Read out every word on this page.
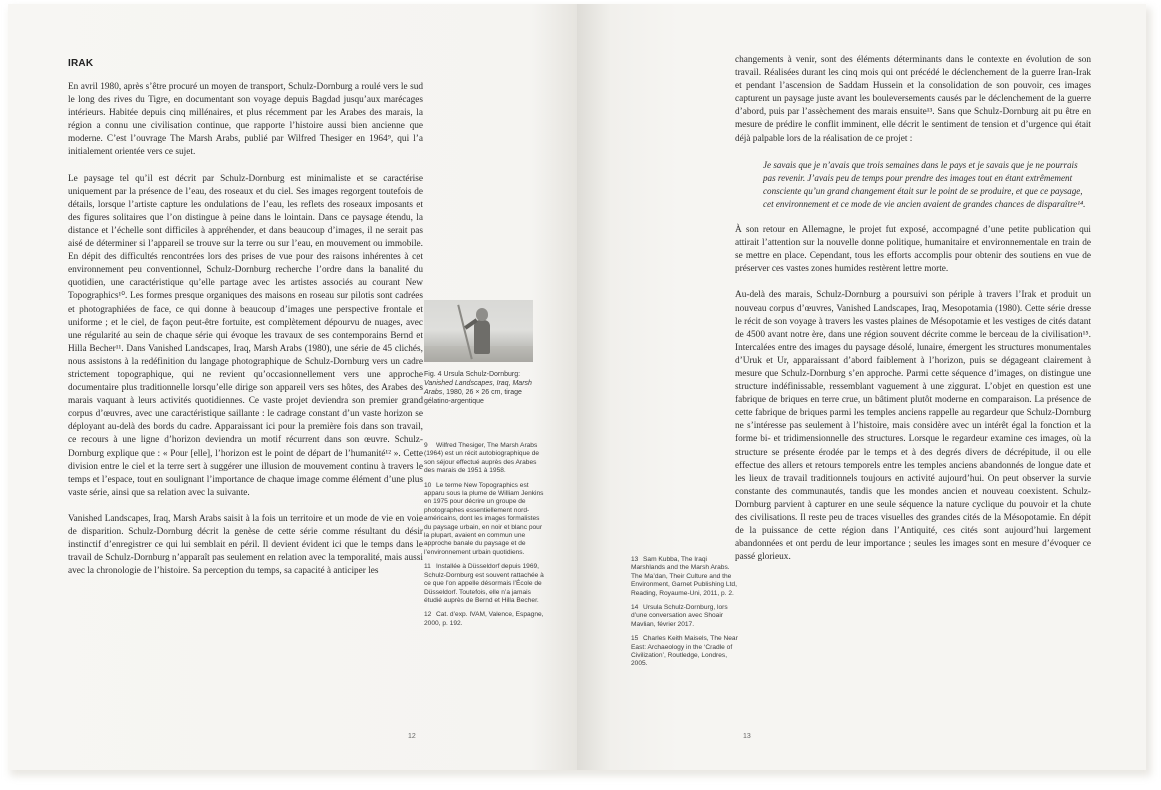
IRAK

En avril 1980, après s’être procuré un moyen de transport, Schulz-Dornburg a roulé vers le sud le long des rives du Tigre, en documentant son voyage depuis Bagdad jusqu’aux marécages intérieurs. Habitée depuis cinq millénaires, et plus récemment par les Arabes des marais, la région a connu une civilisation continue, que rapporte l’histoire aussi bien ancienne que moderne. C’est l’ouvrage The Marsh Arabs, publié par Wilfred Thesiger en 1964⁹, qui l’a initialement orientée vers ce sujet.

Le paysage tel qu’il est décrit par Schulz-Dornburg est minimaliste et se caractérise uniquement par la présence de l’eau, des roseaux et du ciel. Ses images regorgent toutefois de détails, lorsque l’artiste capture les ondulations de l’eau, les reflets des roseaux imposants et des figures solitaires que l’on distingue à peine dans le lointain. Dans ce paysage étendu, la distance et l’échelle sont difficiles à appréhender, et dans beaucoup d’images, il ne serait pas aisé de déterminer si l’appareil se trouve sur la terre ou sur l’eau, en mouvement ou immobile. En dépit des difficultés rencontrées lors des prises de vue pour des raisons inhérentes à cet environnement peu conventionnel, Schulz-Dornburg recherche l’ordre dans la banalité du quotidien, une caractéristique qu’elle partage avec les artistes associés au courant New Topographics¹⁰. Les formes presque organiques des maisons en roseau sur pilotis sont cadrées et photographiées de face, ce qui donne à beaucoup d’images une perspective frontale et uniforme ; et le ciel, de façon peut-être fortuite, est complètement dépourvu de nuages, avec une régularité au sein de chaque série qui évoque les travaux de ses contemporains Bernd et Hilla Becher¹¹. Dans Vanished Landscapes, Iraq, Marsh Arabs (1980), une série de 45 clichés, nous assistons à la redéfinition du langage photographique de Schulz-Dornburg vers un cadre strictement topographique, qui ne revient qu’occasionnellement vers une approche documentaire plus traditionnelle lorsqu’elle dirige son appareil vers ses hôtes, des Arabes des marais vaquant à leurs activités quotidiennes. Ce vaste projet deviendra son premier grand corpus d’œuvres, avec une caractéristique saillante : le cadrage constant d’un vaste horizon se déployant au-delà des bords du cadre. Apparaissant ici pour la première fois dans son travail, ce recours à une ligne d’horizon deviendra un motif récurrent dans son œuvre. Schulz-Dornburg explique que : « Pour [elle], l’horizon est le point de départ de l’humanité¹² ». Cette division entre le ciel et la terre sert à suggérer une illusion de mouvement continu à travers le temps et l’espace, tout en soulignant l’importance de chaque image comme élément d’une plus vaste série, ainsi que sa relation avec la suivante.

Vanished Landscapes, Iraq, Marsh Arabs saisit à la fois un territoire et un mode de vie en voie de disparition. Schulz-Dornburg décrit la genèse de cette série comme résultant du désir instinctif d’enregistrer ce qui lui semblait en péril. Il devient évident ici que le temps dans le travail de Schulz-Dornburg n’apparaît pas seulement en relation avec la temporalité, mais aussi avec la chronologie de l’histoire. Sa perception du temps, sa capacité à anticiper les

Fig. 4 Ursula Schulz-Dornburg:
Vanished Landscapes, Iraq, Marsh Arabs, 1980, 26 × 26 cm, tirage gélatino-argentique
9 Wilfred Thesiger, The Marsh Arabs (1964) est un récit autobiographique de son séjour effectué auprès des Arabes des marais de 1951 à 1958.
10 Le terme New Topographics est apparu sous la plume de William Jenkins en 1975 pour décrire un groupe de photographes essentiellement nord-américains, dont les images formalistes du paysage urbain, en noir et blanc pour la plupart, avaient en commun une approche banale du paysage et de l’environnement urbain quotidiens.
11 Installée à Düsseldorf depuis 1969, Schulz-Dornburg est souvent rattachée à ce que l’on appelle désormais l’École de Düsseldorf. Toutefois, elle n’a jamais étudié auprès de Bernd et Hilla Becher.
12 Cat. d’exp. IVAM, Valence, Espagne, 2000, p. 192.
12

changements à venir, sont des éléments déterminants dans le contexte en évolution de son travail. Réalisées durant les cinq mois qui ont précédé le déclenchement de la guerre Iran-Irak et pendant l’ascension de Saddam Hussein et la consolidation de son pouvoir, ces images capturent un paysage juste avant les bouleversements causés par le déclenchement de la guerre d’abord, puis par l’assèchement des marais ensuite¹³. Sans que Schulz-Dornburg ait pu être en mesure de prédire le conflit imminent, elle décrit le sentiment de tension et d’urgence qui était déjà palpable lors de la réalisation de ce projet :

Je savais que je n’avais que trois semaines dans le pays et je savais que je ne pourrais pas revenir. J’avais peu de temps pour prendre des images tout en étant extrêmement consciente qu’un grand changement était sur le point de se produire, et que ce paysage, cet environnement et ce mode de vie ancien avaient de grandes chances de disparaître¹⁴.

À son retour en Allemagne, le projet fut exposé, accompagné d’une petite publication qui attirait l’attention sur la nouvelle donne politique, humanitaire et environnementale en train de se mettre en place. Cependant, tous les efforts accomplis pour obtenir des soutiens en vue de préserver ces vastes zones humides restèrent lettre morte.

Au-delà des marais, Schulz-Dornburg a poursuivi son périple à travers l’Irak et produit un nouveau corpus d’œuvres, Vanished Landscapes, Iraq, Mesopotamia (1980). Cette série dresse le récit de son voyage à travers les vastes plaines de Mésopotamie et les vestiges de cités datant de 4500 avant notre ère, dans une région souvent décrite comme le berceau de la civilisation¹⁵. Intercalées entre des images du paysage désolé, lunaire, émergent les structures monumentales d’Uruk et Ur, apparaissant d’abord faiblement à l’horizon, puis se dégageant clairement à mesure que Schulz-Dornburg s’en approche. Parmi cette séquence d’images, on distingue une structure indéfinissable, ressemblant vaguement à une ziggurat. L’objet en question est une fabrique de briques en terre crue, un bâtiment plutôt moderne en comparaison. La présence de cette fabrique de briques parmi les temples anciens rappelle au regardeur que Schulz-Dornburg ne s’intéresse pas seulement à l’histoire, mais considère avec un intérêt égal la fonction et la forme bi- et tridimensionnelle des structures. Lorsque le regardeur examine ces images, où la structure se présente érodée par le temps et à des degrés divers de décrépitude, il ou elle effectue des allers et retours temporels entre les temples anciens abandonnés de longue date et les lieux de travail traditionnels toujours en activité aujourd’hui. On peut observer la survie constante des communautés, tandis que les mondes ancien et nouveau coexistent. Schulz-Dornburg parvient à capturer en une seule séquence la nature cyclique du pouvoir et la chute des civilisations. Il reste peu de traces visuelles des grandes cités de la Mésopotamie. En dépit de la puissance de cette région dans l’Antiquité, ces cités sont aujourd’hui largement abandonnées et ont perdu de leur importance ; seules les images sont en mesure d’évoquer ce passé glorieux.

13 Sam Kubba, The Iraqi Marshlands and the Marsh Arabs. The Ma’dan, Their Culture and the Environment, Garnet Publishing Ltd, Reading, Royaume-Uni, 2011, p. 2.
14 Ursula Schulz-Dornburg, lors d’une conversation avec Shoair Mavlian, février 2017.
15 Charles Keith Maisels, The Near East: Archaeology in the ‘Cradle of Civilization’, Routledge, Londres, 2005.
13
